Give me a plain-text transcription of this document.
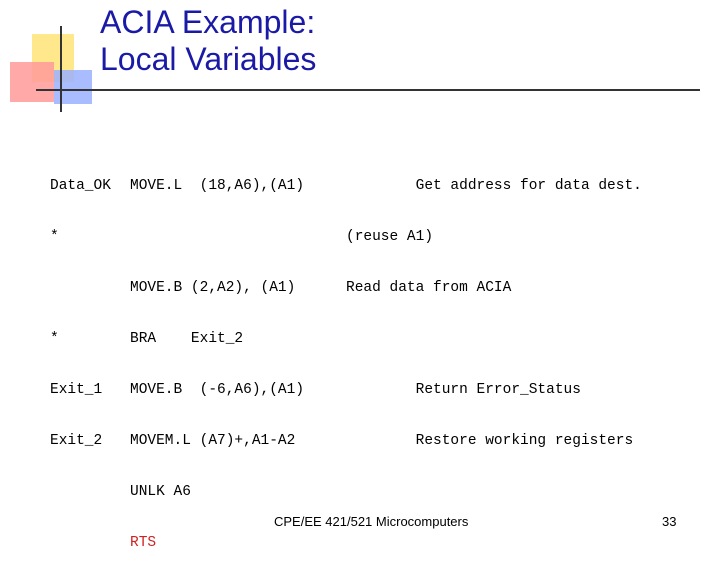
ACIA Example:
Local Variables

Data_OK

*

*

Exit_1

Exit_2

MOVE.L  (18,A6),(A1)

MOVE.B (2,A2), (A1)

BRA    Exit_2

MOVE.B  (-6,A6),(A1)

MOVEM.L (A7)+,A1-A2

UNLK A6

RTS

Get address for data dest.

(reuse A1)

Read data from ACIA

Return Error_Status

Restore working registers

CPE/EE 421/521 Microcomputers	33
